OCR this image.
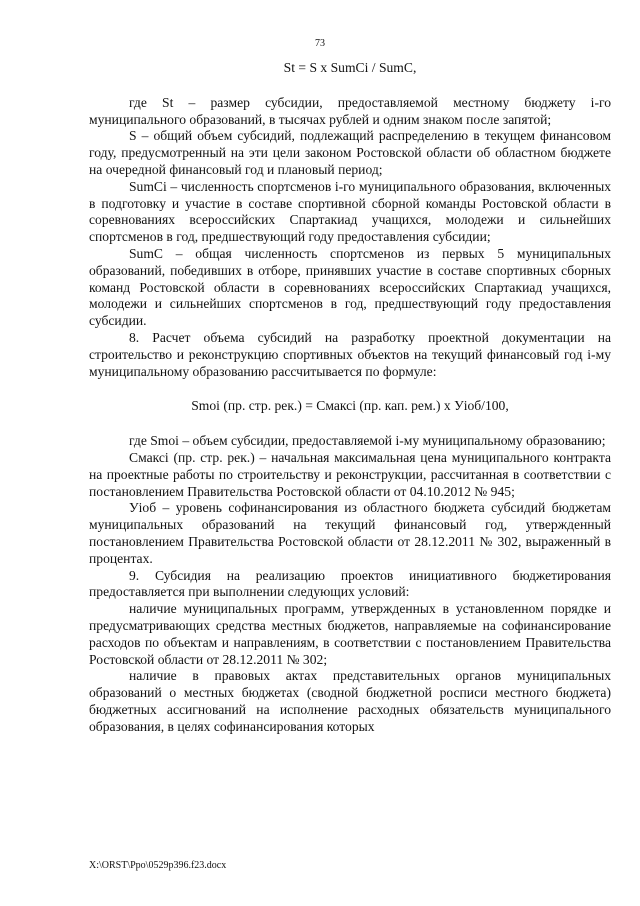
73

St = S x SumCi / SumC,

где St – размер субсидии, предоставляемой местному бюджету i-го муниципального образований, в тысячах рублей и одним знаком после запятой;

S – общий объем субсидий, подлежащий распределению в текущем финансовом году, предусмотренный на эти цели законом Ростовской области об областном бюджете на очередной финансовый год и плановый период;

SumCi – численность спортсменов i-го муниципального образования, включенных в подготовку и участие в составе спортивной сборной команды Ростовской области в соревнованиях всероссийских Спартакиад учащихся, молодежи и сильнейших спортсменов в год, предшествующий году предоставления субсидии;

SumC – общая численность спортсменов из первых 5 муниципальных образований, победивших в отборе, принявших участие в составе спортивных сборных команд Ростовской области в соревнованиях всероссийских Спартакиад учащихся, молодежи и сильнейших спортсменов в год, предшествующий году предоставления субсидии.

8. Расчет объема субсидий на разработку проектной документации на строительство и реконструкцию спортивных объектов на текущий финансовый год i-му муниципальному образованию рассчитывается по формуле:

Smoi (пр. стр. рек.) = Смаксi (пр. кап. рем.) x Уioб/100,

где Smoi – объем субсидии, предоставляемой i-му муниципальному образованию;

Смаксi (пр. стр. рек.) – начальная максимальная цена муниципального контракта на проектные работы по строительству и реконструкции, рассчитанная в соответствии с постановлением Правительства Ростовской области от 04.10.2012 № 945;

Уioб – уровень софинансирования из областного бюджета субсидий бюджетам муниципальных образований на текущий финансовый год, утвержденный постановлением Правительства Ростовской области от 28.12.2011 № 302, выраженный в процентах.

9. Субсидия на реализацию проектов инициативного бюджетирования предоставляется при выполнении следующих условий:

наличие муниципальных программ, утвержденных в установленном порядке и предусматривающих средства местных бюджетов, направляемые на софинансирование расходов по объектам и направлениям, в соответствии с постановлением Правительства Ростовской области от 28.12.2011 № 302;

наличие в правовых актах представительных органов муниципальных образований о местных бюджетах (сводной бюджетной росписи местного бюджета) бюджетных ассигнований на исполнение расходных обязательств муниципального образования, в целях софинансирования которых

X:\ORST\Ppo\0529p396.f23.docx
